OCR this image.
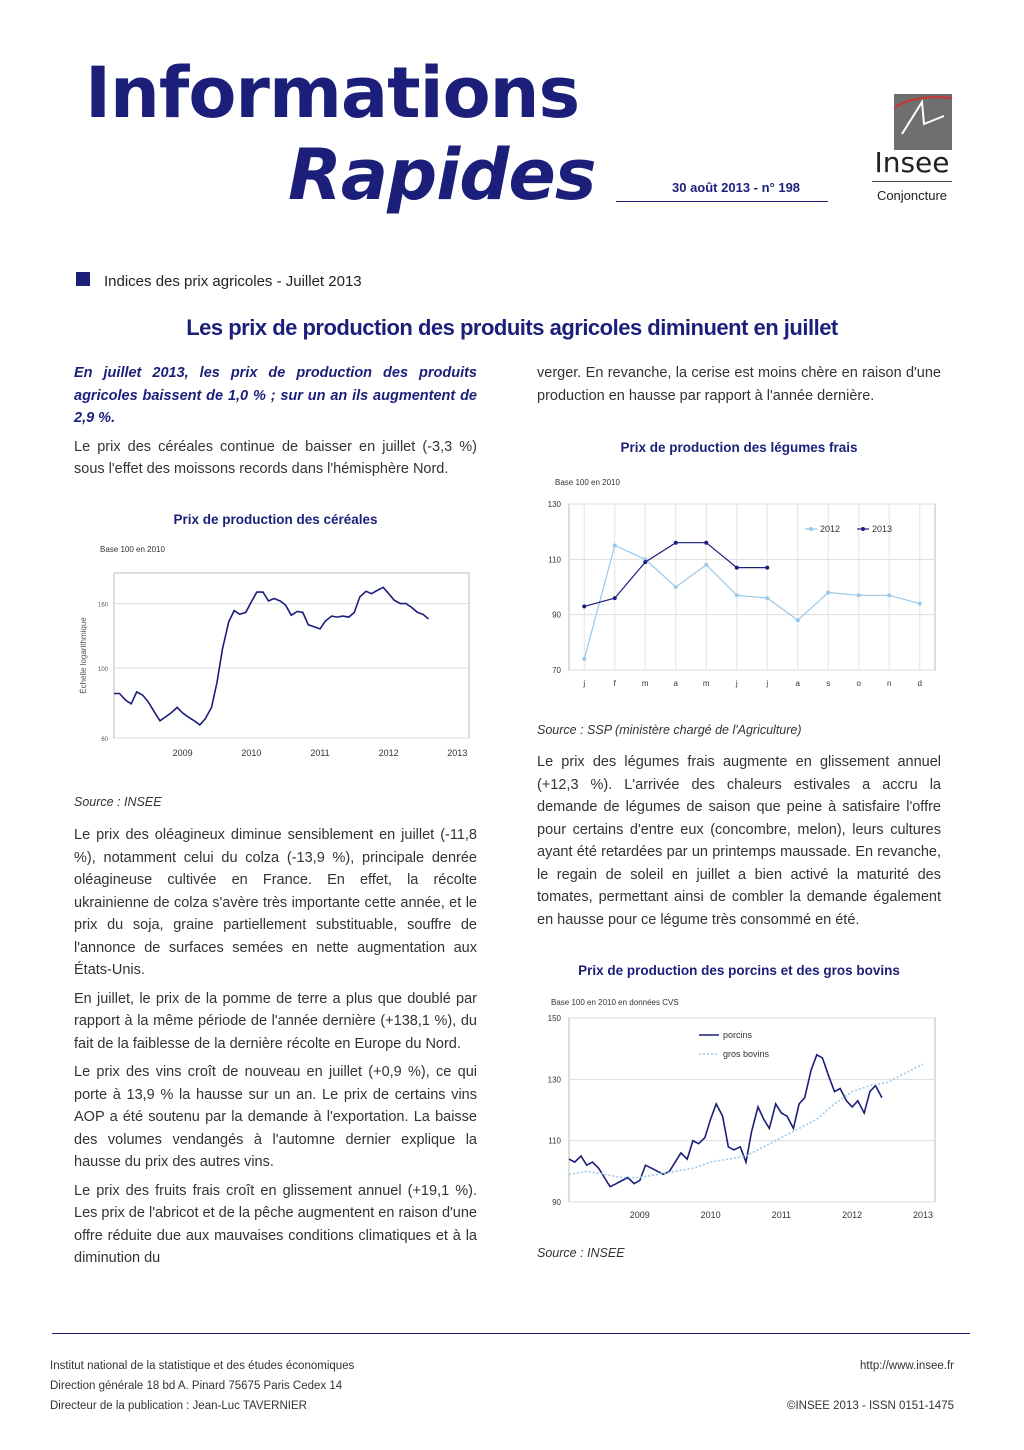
Informations
Rapides	30 août 2013 - n° 198
Insee
Conjoncture
Indices des prix agricoles - Juillet 2013
Les prix de production des produits agricoles diminuent en juillet

En juillet 2013, les prix de production des produits agricoles baissent de 1,0 % ; sur un an ils augmentent de 2,9 %.

Le prix des céréales continue de baisser en juillet (-3,3 %) sous l'effet des moissons records dans l'hémisphère Nord.

Prix de production des céréales
Base 100 en 2010
60
100
160
2009	2010	2011	2012	2013
Échelle logarithmique
Source : INSEE

Le prix des oléagineux diminue sensiblement en juillet (-11,8 %), notamment celui du colza (-13,9 %), principale denrée oléagineuse cultivée en France. En effet, la récolte ukrainienne de colza s'avère très importante cette année, et le prix du soja, graine partiellement substituable, souffre de l'annonce de surfaces semées en nette augmentation aux États-Unis.

En juillet, le prix de la pomme de terre a plus que doublé par rapport à la même période de l'année dernière (+138,1 %), du fait de la faiblesse de la dernière récolte en Europe du Nord.

Le prix des vins croît de nouveau en juillet (+0,9 %), ce qui porte à 13,9 % la hausse sur un an. Le prix de certains vins AOP a été soutenu par la demande à l'exportation. La baisse des volumes vendangés à l'automne dernier explique la hausse du prix des autres vins.

Le prix des fruits frais croît en glissement annuel (+19,1 %). Les prix de l'abricot et de la pêche augmentent en raison d'une offre réduite due aux mauvaises conditions climatiques et à la diminution du

verger. En revanche, la cerise est moins chère en raison d'une production en hausse par rapport à l'année dernière.

Prix de production des légumes frais
Base 100 en 2010
70
90
110
130
j	f	m	a	m	j	j	a	s	o	n	d
2012	2013
Source : SSP (ministère chargé de l'Agriculture)

Le prix des légumes frais augmente en glissement annuel (+12,3 %). L'arrivée des chaleurs estivales a accru la demande de légumes de saison que peine à satisfaire l'offre pour certains d'entre eux (concombre, melon), leurs cultures ayant été retardées par un printemps maussade. En revanche, le regain de soleil en juillet a bien activé la maturité des tomates, permettant ainsi de combler la demande également en hausse pour ce légume très consommé en été.

Prix de production des porcins et des gros bovins
Base 100 en 2010 en données CVS
90
110
130
150
2009	2010	2011	2012	2013
porcins
gros bovins
Source : INSEE
Institut national de la statistique et des études économiques
Direction générale 18 bd A. Pinard 75675 Paris Cedex 14
Directeur de la publication : Jean-Luc TAVERNIER
http://www.insee.fr
©INSEE 2013 - ISSN 0151-1475
